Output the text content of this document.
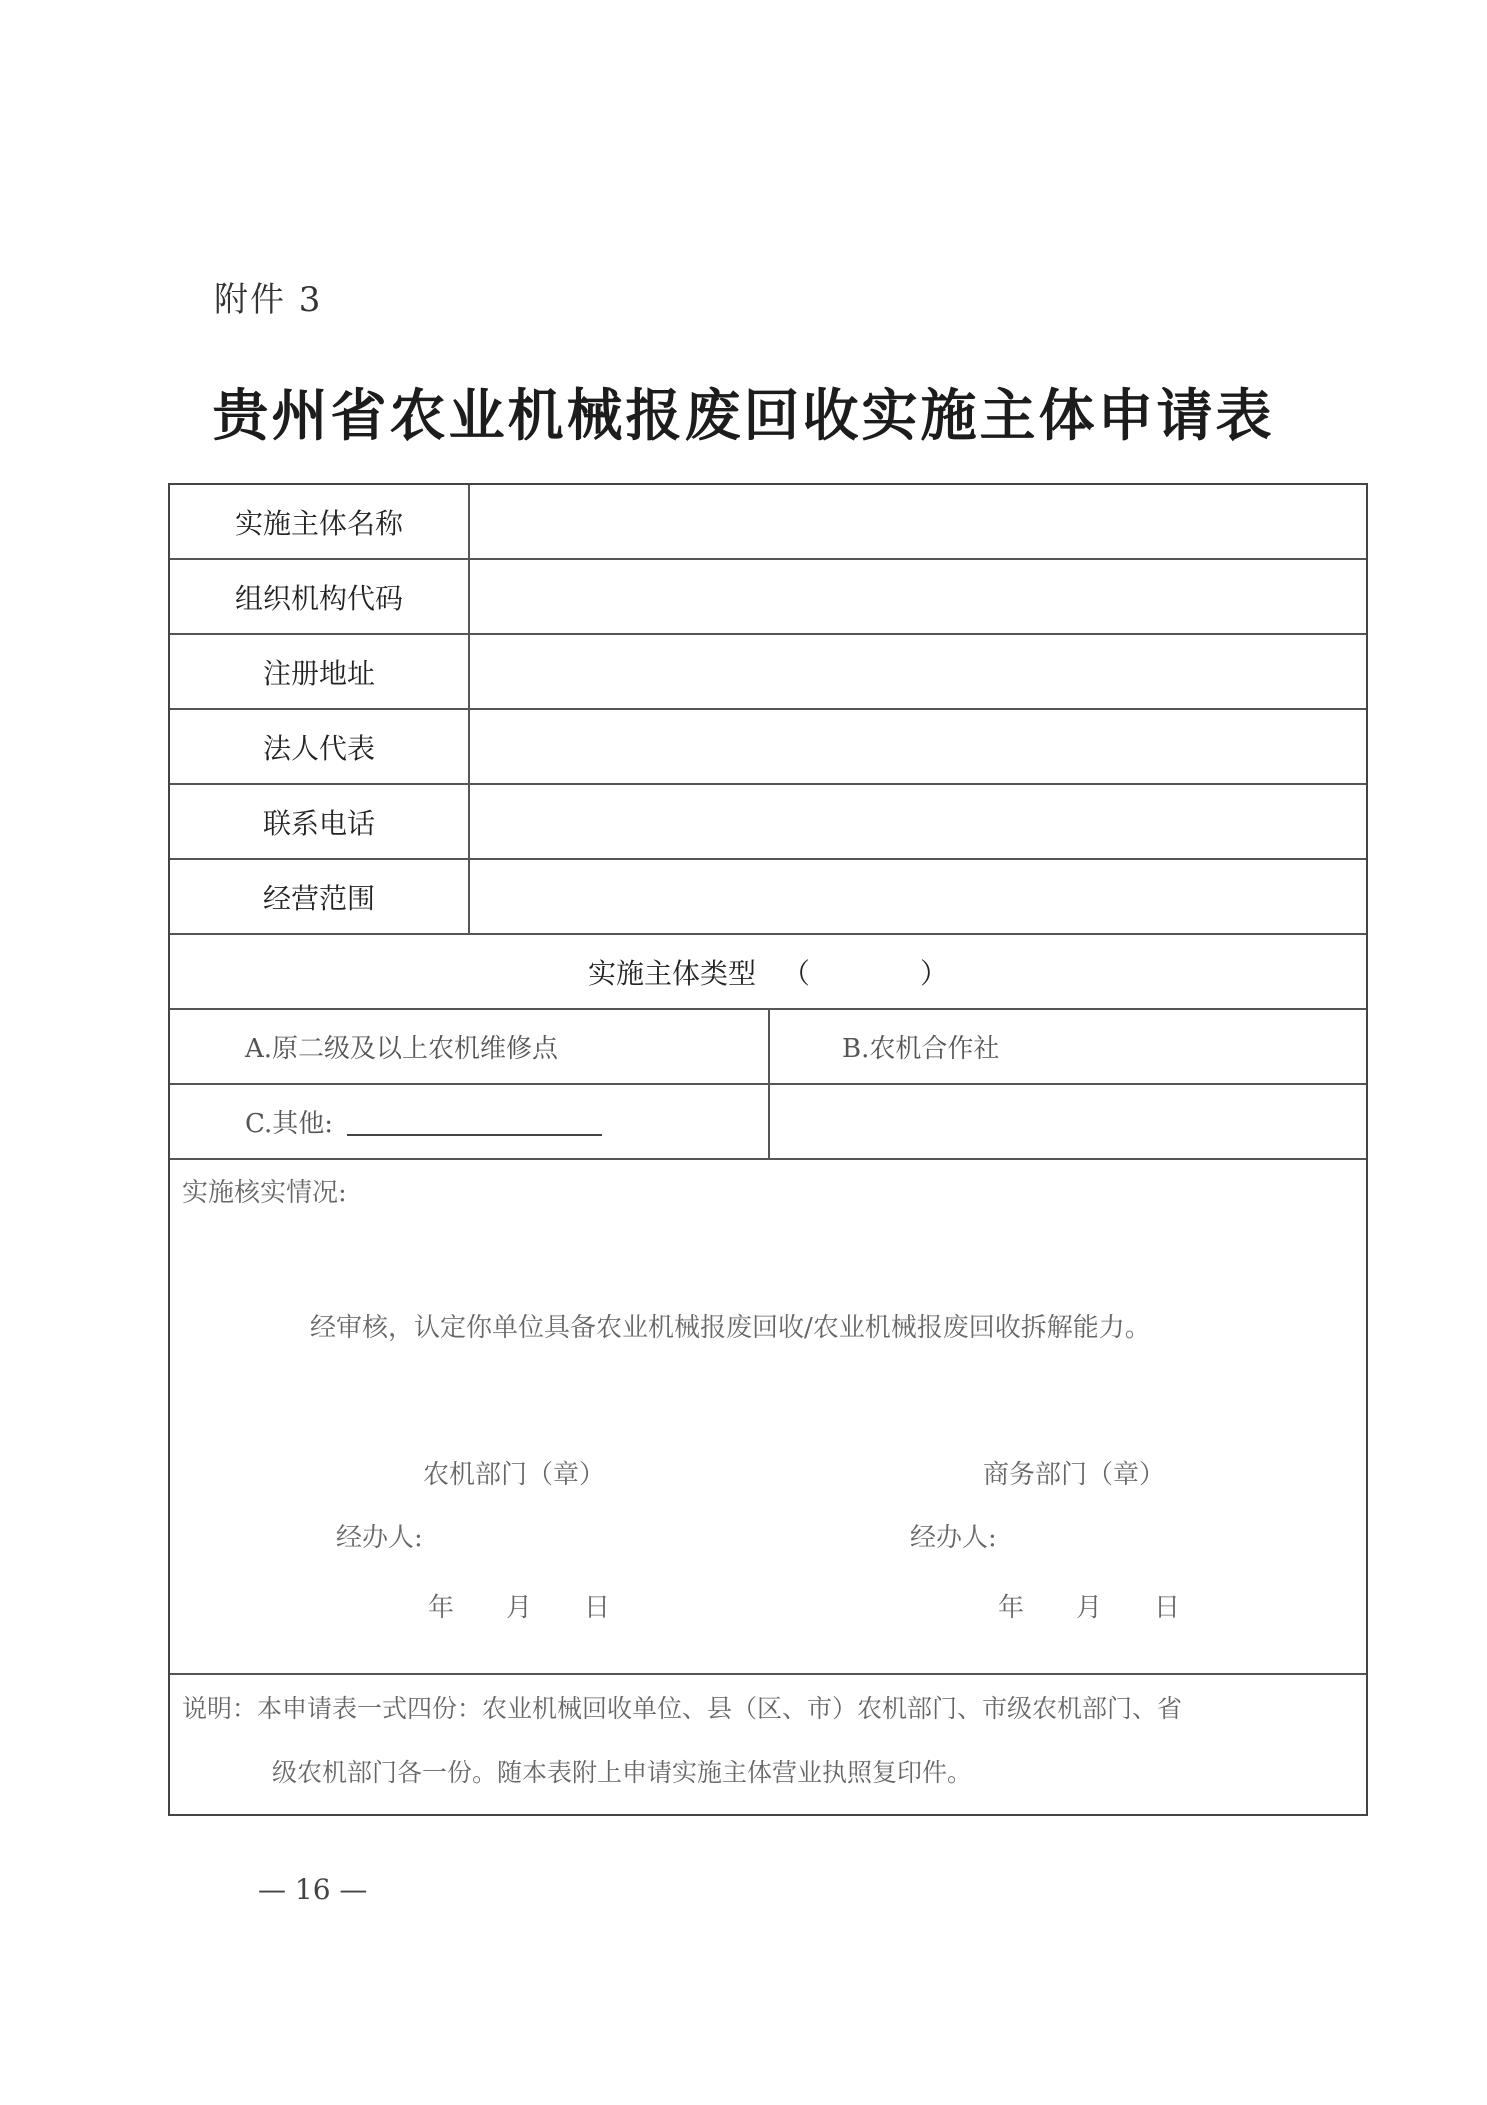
附件 3
贵州省农业机械报废回收实施主体申请表
实施主体名称
组织机构代码
注册地址
法人代表
联系电话
经营范围
实施主体类型 （	）
A.原二级及以上农机维修点	B.农机合作社
C.其他:
实施核实情况:
经审核，认定你单位具备农业机械报废回收/农业机械报废回收拆解能力。
农机部门（章）	商务部门（章）
经办人:	经办人:
年　　月　　日	年　　月　　日
说明：本申请表一式四份：农业机械回收单位、县（区、市）农机部门、市级农机部门、省
级农机部门各一份。随本表附上申请实施主体营业执照复印件。
— 16 —
